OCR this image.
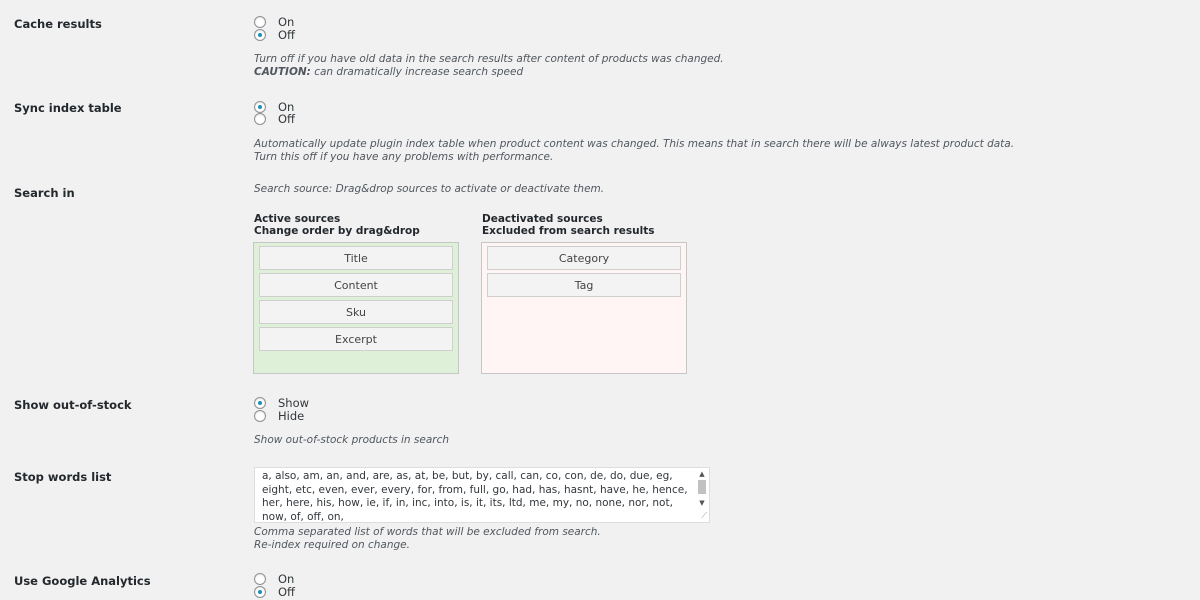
Cache results	On
Off
Turn off if you have old data in the search results after content of products was changed.
CAUTION: can dramatically increase search speed
Sync index table	On
Off
Automatically update plugin index table when product content was changed. This means that in search there will be always latest product data.
Turn this off if you have any problems with performance.
Search in	Search source: Drag&drop sources to activate or deactivate them.
Active sources
Change order by drag&drop
Deactivated sources
Excluded from search results
Title
Content
Sku
Excerpt
Category
Tag
Show out-of-stock	Show
Hide
Show out-of-stock products in search
Stop words list	a, also, am, an, and, are, as, at, be, but, by, call, can, co, con, de, do, due, eg, eight, etc, even, ever, every, for, from, full, go, had, has, hasnt, have, he, hence, her, here, his, how, ie, if, in, inc, into, is, it, its, ltd, me, my, no, none, nor, not, now, of, off, on,
▲
▼
⟋
Comma separated list of words that will be excluded from search.
Re-index required on change.
Use Google Analytics	On
Off
